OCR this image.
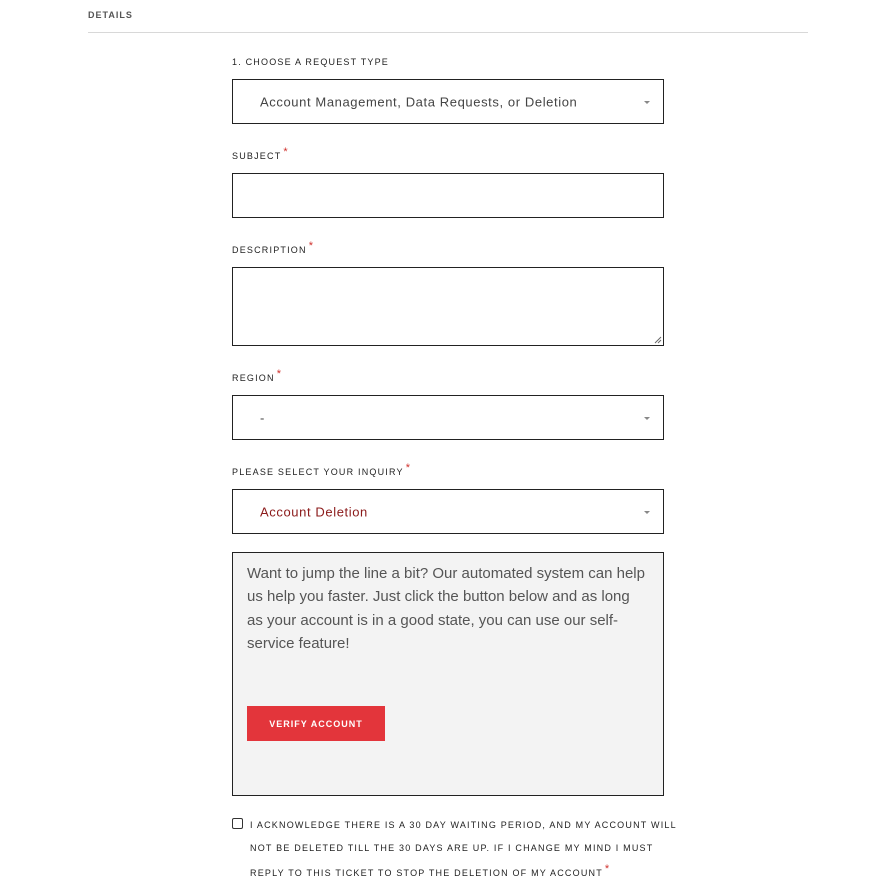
DETAILS
1. CHOOSE A REQUEST TYPE
Account Management, Data Requests, or Deletion
SUBJECT *
DESCRIPTION *
REGION *
-
PLEASE SELECT YOUR INQUIRY *
Account Deletion
Want to jump the line a bit? Our automated system can help us help you faster. Just click the button below and as long as your account is in a good state, you can use our self-service feature!
VERIFY ACCOUNT
I ACKNOWLEDGE THERE IS A 30 DAY WAITING PERIOD, AND MY ACCOUNT WILL
NOT BE DELETED TILL THE 30 DAYS ARE UP. IF I CHANGE MY MIND I MUST
REPLY TO THIS TICKET TO STOP THE DELETION OF MY ACCOUNT *
